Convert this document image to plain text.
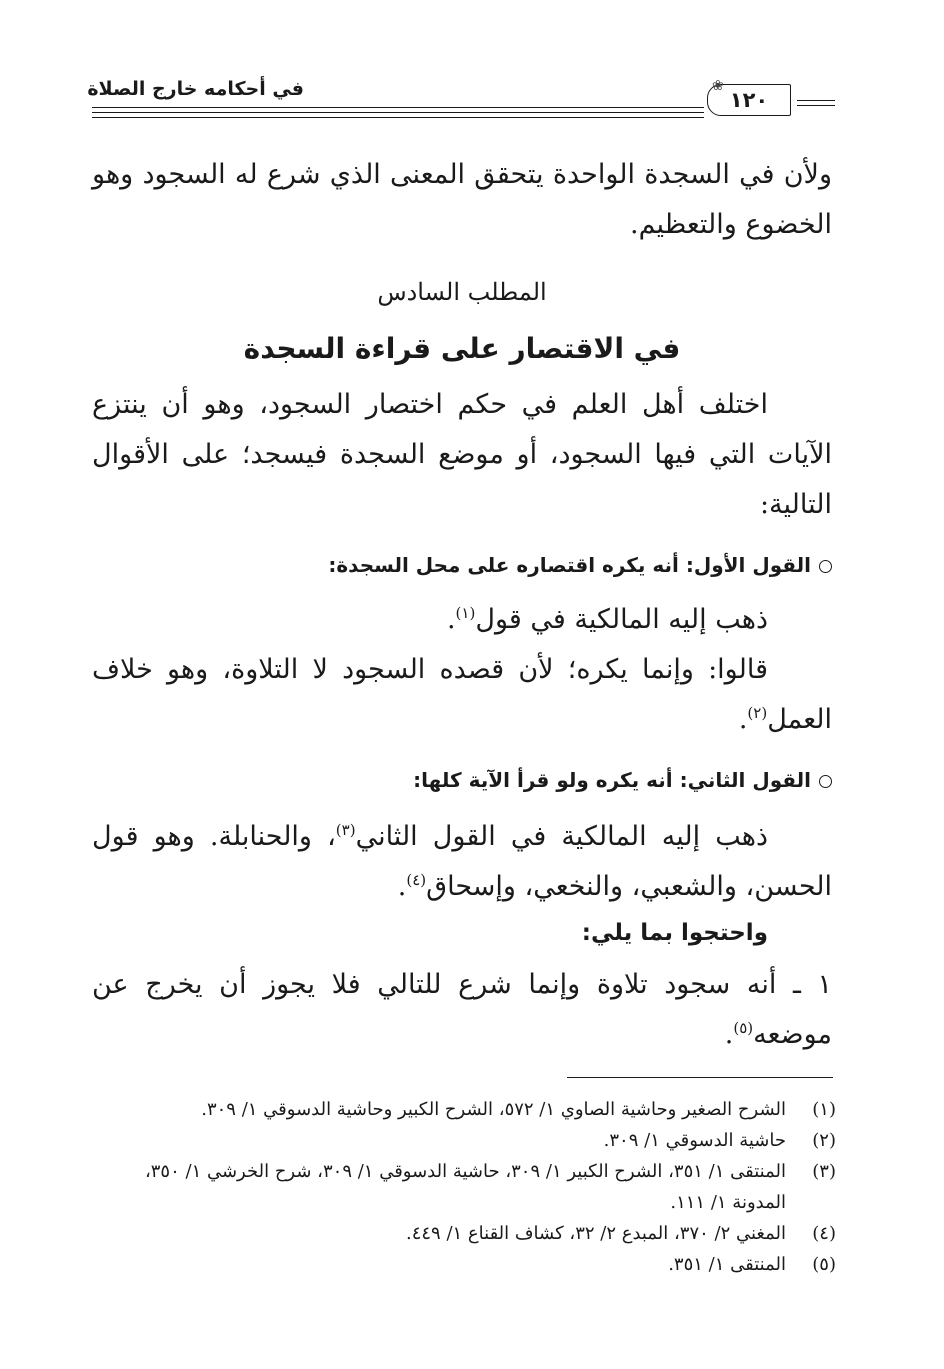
في أحكامه خارج الصلاة	١٢٠
❀

ولأن في السجدة الواحدة يتحقق المعنى الذي شرع له السجود وهو الخضوع والتعظيم.

المطلب السادس
في الاقتصار على قراءة السجدة

اختلف أهل العلم في حكم اختصار السجود، وهو أن ينتزع الآيات التي فيها السجود، أو موضع السجدة فيسجد؛ على الأقوال التالية:

القول الأول: أنه يكره اقتصاره على محل السجدة:

ذهب إليه المالكية في قول$^{(١)}$.

قالوا: وإنما يكره؛ لأن قصده السجود لا التلاوة، وهو خلاف العمل$^{(٢)}$.

القول الثاني: أنه يكره ولو قرأ الآية كلها:

ذهب إليه المالكية في القول الثاني$^{(٣)}$، والحنابلة. وهو قول الحسن، والشعبي، والنخعي، وإسحاق$^{(٤)}$.

واحتجوا بما يلي:

١ ـ أنه سجود تلاوة وإنما شرع للتالي فلا يجوز أن يخرج عن موضعه$^{(٥)}$.

(١)
الشرح الصغير وحاشية الصاوي ١/ ٥٧٢، الشرح الكبير وحاشية الدسوقي ١/ ٣٠٩.
(٢)
حاشية الدسوقي ١/ ٣٠٩.
(٣)
المنتقى ١/ ٣٥١، الشرح الكبير ١/ ٣٠٩، حاشية الدسوقي ١/ ٣٠٩، شرح الخرشي ١/ ٣٥٠، المدونة ١/ ١١١.
(٤)
المغني ٢/ ٣٧٠، المبدع ٢/ ٣٢، كشاف القناع ١/ ٤٤٩.
(٥)
المنتقى ١/ ٣٥١.
